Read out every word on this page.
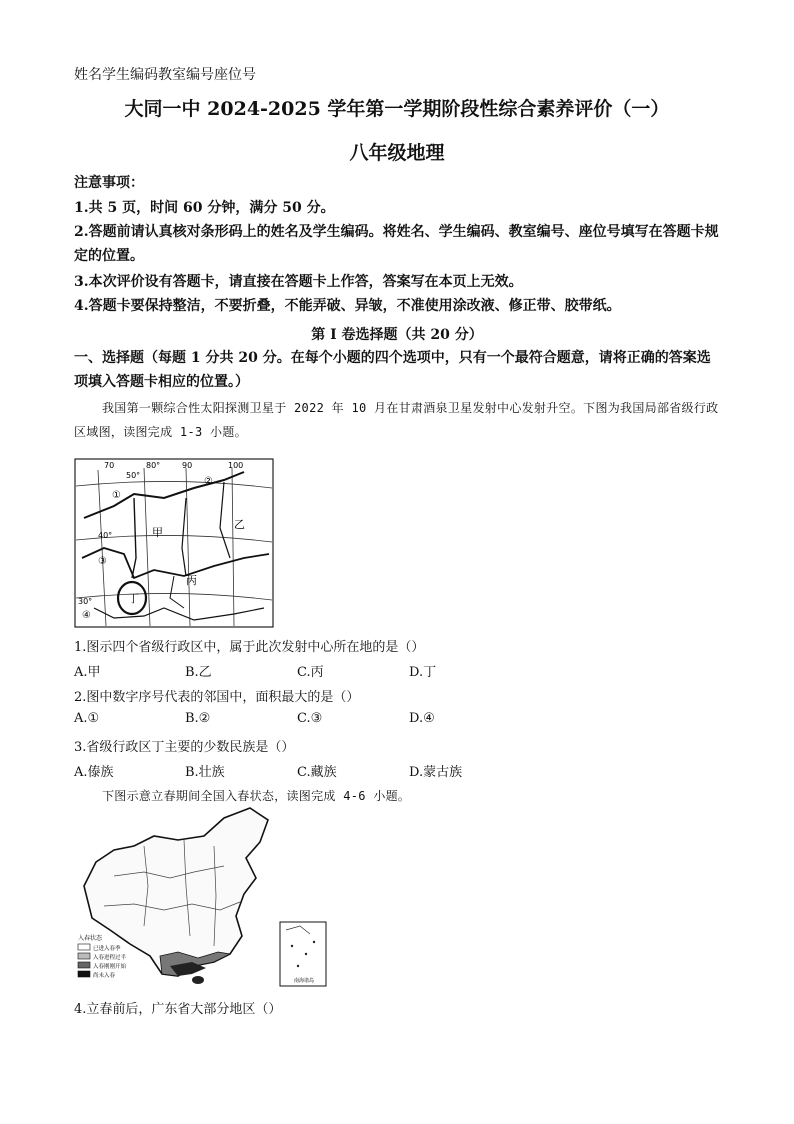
姓名学生编码教室编号座位号
大同一中 2024-2025 学年第一学期阶段性综合素养评价（一）
八年级地理
注意事项：
1.共 5 页，时间 60 分钟，满分 50 分。
2.答题前请认真核对条形码上的姓名及学生编码。将姓名、学生编码、教室编号、座位号填写在答题卡规定的位置。
3.本次评价设有答题卡，请直接在答题卡上作答，答案写在本页上无效。
4.答题卡要保持整洁，不要折叠，不能弄破、异皱，不准使用涂改液、修正带、胶带纸。
第 I 卷选择题（共 20 分）
一、选择题（每题 1 分共 20 分。在每个小题的四个选项中，只有一个最符合题意，请将正确的答案选项填入答题卡相应的位置。）
我国第一颗综合性太阳探测卫星于 2022 年 10 月在甘肃酒泉卫星发射中心发射升空。下图为我国局部省级行政区域图，读图完成 1-3 小题。
70	80°	90	100
50°
40°
30°
①
②
③
④
甲
乙
丙
丁
1.图示四个省级行政区中，属于此次发射中心所在地的是（）
A.甲	B.乙	C.丙	D.丁
2.图中数字序号代表的邻国中，面积最大的是（）
A.①	B.②	C.③	D.④
3.省级行政区丁主要的少数民族是（）
A.傣族	B.壮族	C.藏族	D.蒙古族
下图示意立春期间全国入春状态，读图完成 4-6 小题。
南海诸岛
入春状态
已进入春季
入春进程过半
入春刚刚开始
尚未入春
4.立春前后，广东省大部分地区（）
